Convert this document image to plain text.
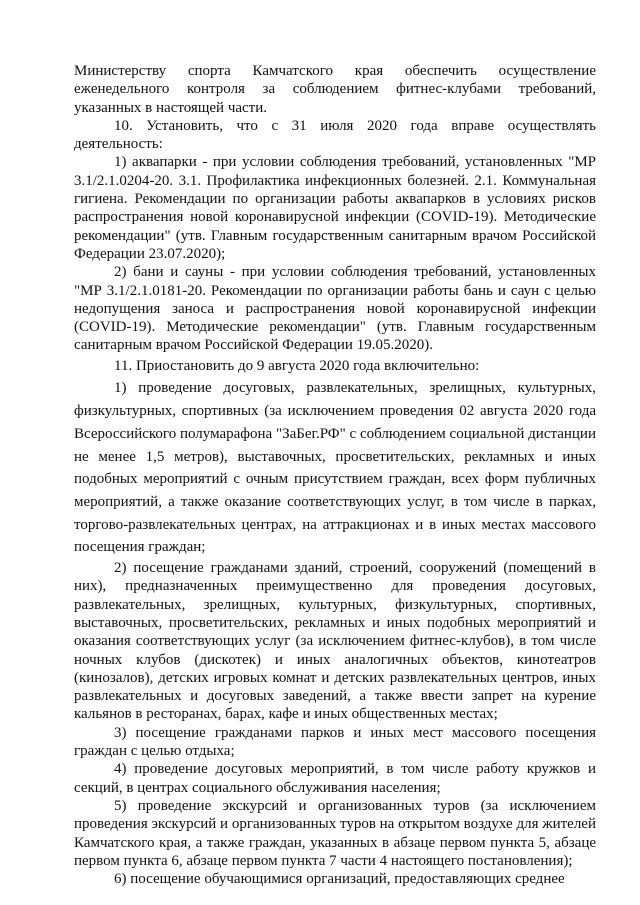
Министерству спорта Камчатского края обеспечить осуществление еженедельного контроля за соблюдением фитнес-клубами требований, указанных в настоящей части.

10. Установить, что с 31 июля 2020 года вправе осуществлять деятельность:

1) аквапарки - при условии соблюдения требований, установленных "МР 3.1/2.1.0204-20. 3.1. Профилактика инфекционных болезней. 2.1. Коммунальная гигиена. Рекомендации по организации работы аквапарков в условиях рисков распространения новой коронавирусной инфекции (COVID-19). Методические рекомендации" (утв. Главным государственным санитарным врачом Российской Федерации 23.07.2020);

2) бани и сауны - при условии соблюдения требований, установленных "МР 3.1/2.1.0181-20. Рекомендации по организации работы бань и саун с целью недопущения заноса и распространения новой коронавирусной инфекции (COVID-19). Методические рекомендации" (утв. Главным государственным санитарным врачом Российской Федерации 19.05.2020).

11. Приостановить до 9 августа 2020 года включительно:

1) проведение досуговых, развлекательных, зрелищных, культурных, физкультурных, спортивных (за исключением проведения 02 августа 2020 года Всероссийского полумарафона "ЗаБег.РФ" с соблюдением социальной дистанции не менее 1,5 метров), выставочных, просветительских, рекламных и иных подобных мероприятий с очным присутствием граждан, всех форм публичных мероприятий, а также оказание соответствующих услуг, в том числе в парках, торгово-развлекательных центрах, на аттракционах и в иных местах массового посещения граждан;

2) посещение гражданами зданий, строений, сооружений (помещений в них), предназначенных преимущественно для проведения досуговых, развлекательных, зрелищных, культурных, физкультурных, спортивных, выставочных, просветительских, рекламных и иных подобных мероприятий и оказания соответствующих услуг (за исключением фитнес-клубов), в том числе ночных клубов (дискотек) и иных аналогичных объектов, кинотеатров (кинозалов), детских игровых комнат и детских развлекательных центров, иных развлекательных и досуговых заведений, а также ввести запрет на курение кальянов в ресторанах, барах, кафе и иных общественных местах;

3) посещение гражданами парков и иных мест массового посещения граждан с целью отдыха;

4) проведение досуговых мероприятий, в том числе работу кружков и секций, в центрах социального обслуживания населения;

5) проведение экскурсий и организованных туров (за исключением проведения экскурсий и организованных туров на открытом воздухе для жителей Камчатского края, а также граждан, указанных в абзаце первом пункта 5, абзаце первом пункта 6, абзаце первом пункта 7 части 4 настоящего постановления);

6) посещение обучающимися организаций, предоставляющих среднее
